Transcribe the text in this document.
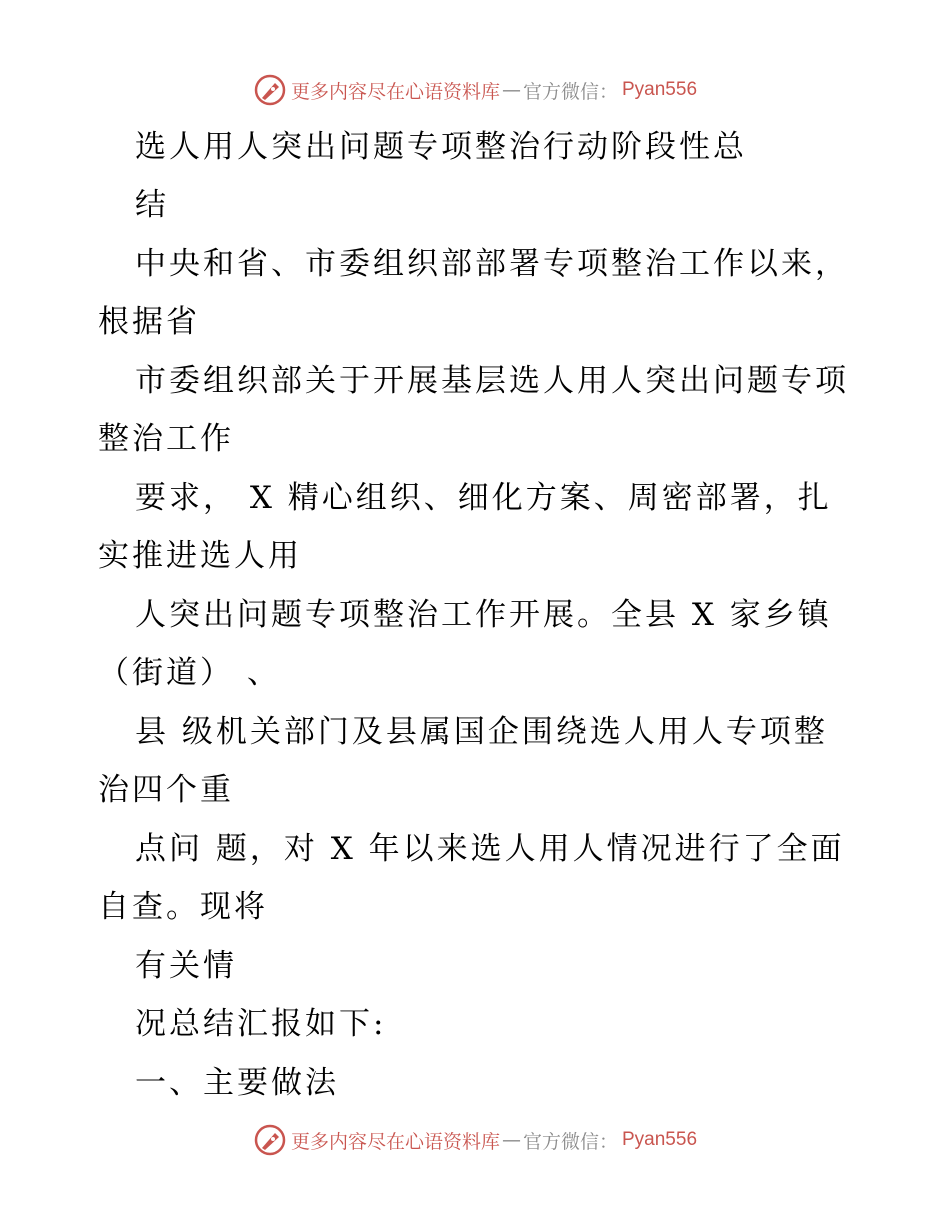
更多内容尽在心语资料库 — 官方微信： Pyan556
选人用人突出问题专项整治行动阶段性总
结
中央和省、市委组织部部署专项整治工作以来，
根据省
市委组织部关于开展基层选人用人突出问题专项
整治工作
要求， X 精心组织、细化方案、周密部署，扎
实推进选人用
人突出问题专项整治工作开展。全县 X 家乡镇
（街道） 、
县 级机关部门及县属国企围绕选人用人专项整
治四个重
点问 题，对 X 年以来选人用人情况进行了全面
自查。现将
有关情
况总结汇报如下:
一、主要做法
更多内容尽在心语资料库 — 官方微信： Pyan556
